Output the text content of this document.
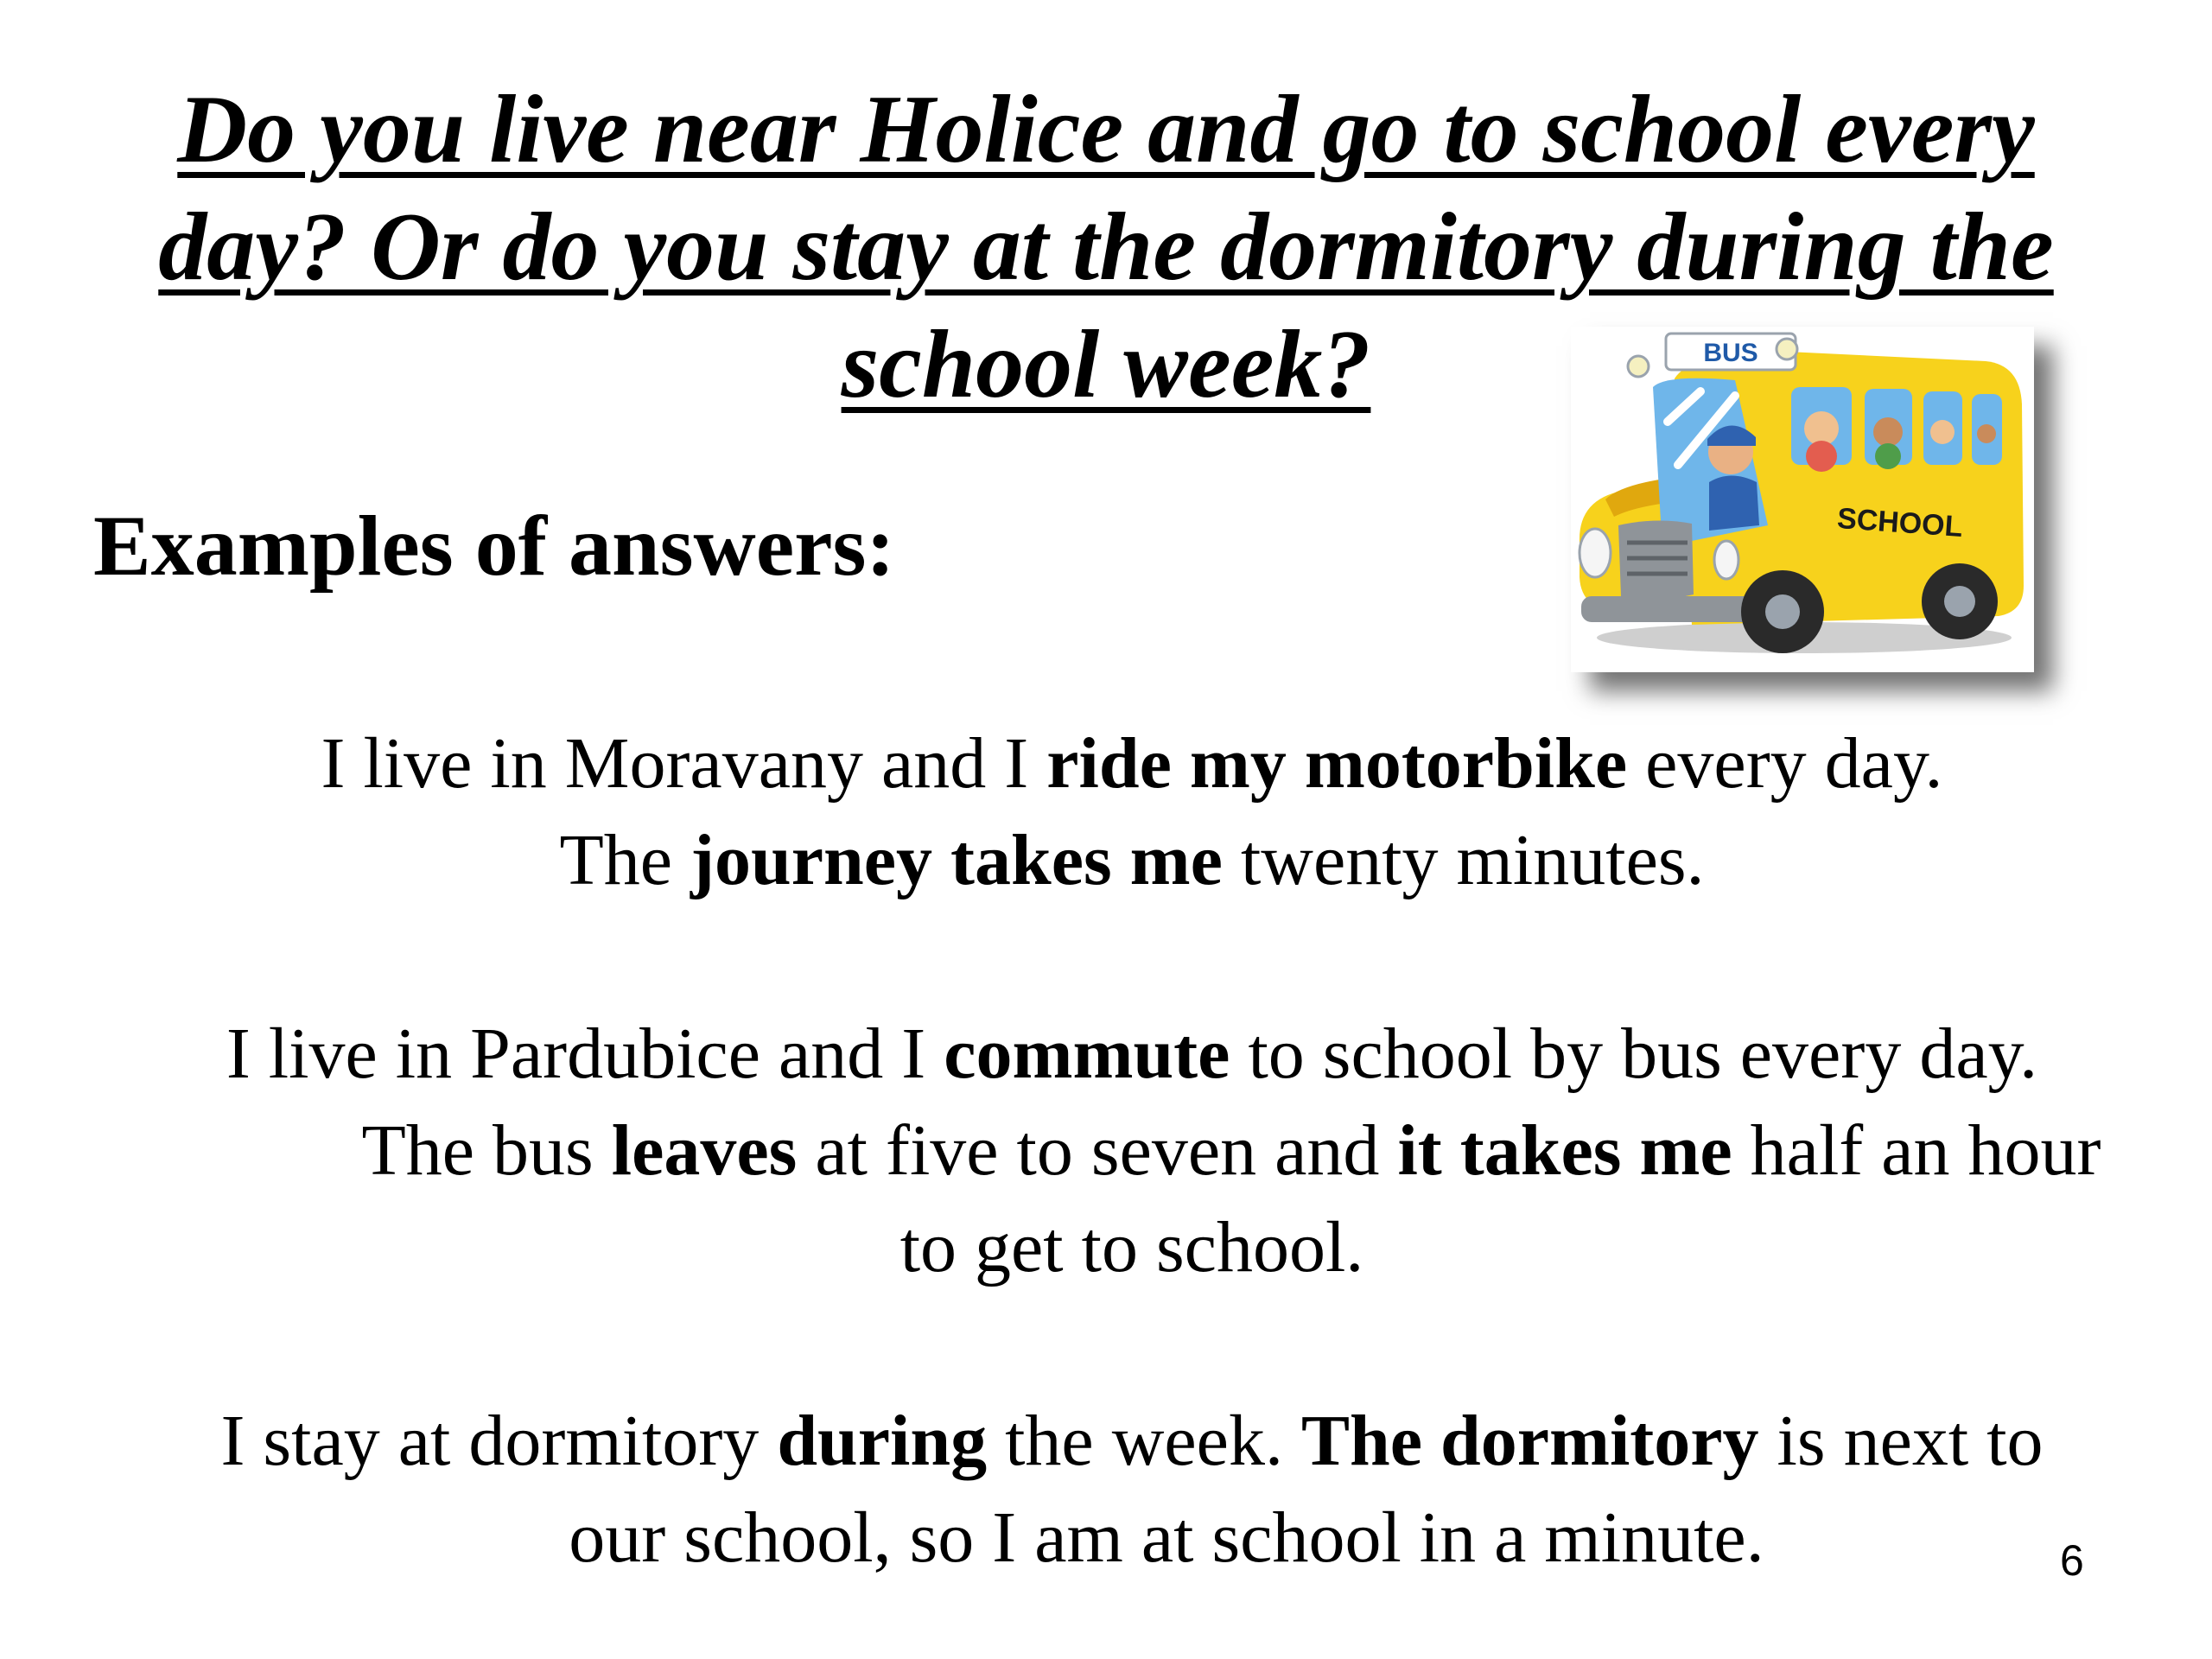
Do you live near Holice and go to school every
day? Or do you stay at the dormitory during the
school week?
Examples of answers:
BUS
SCHOOL
I live in Moravany and I ride my motorbike every day.
The journey takes me twenty minutes.
I live in Pardubice and I commute to school by bus every day.
The bus leaves at five to seven and it takes me half an hour
to get to school.
I stay at dormitory during the week. The dormitory is next to
our school, so I am at school in a minute.	6
